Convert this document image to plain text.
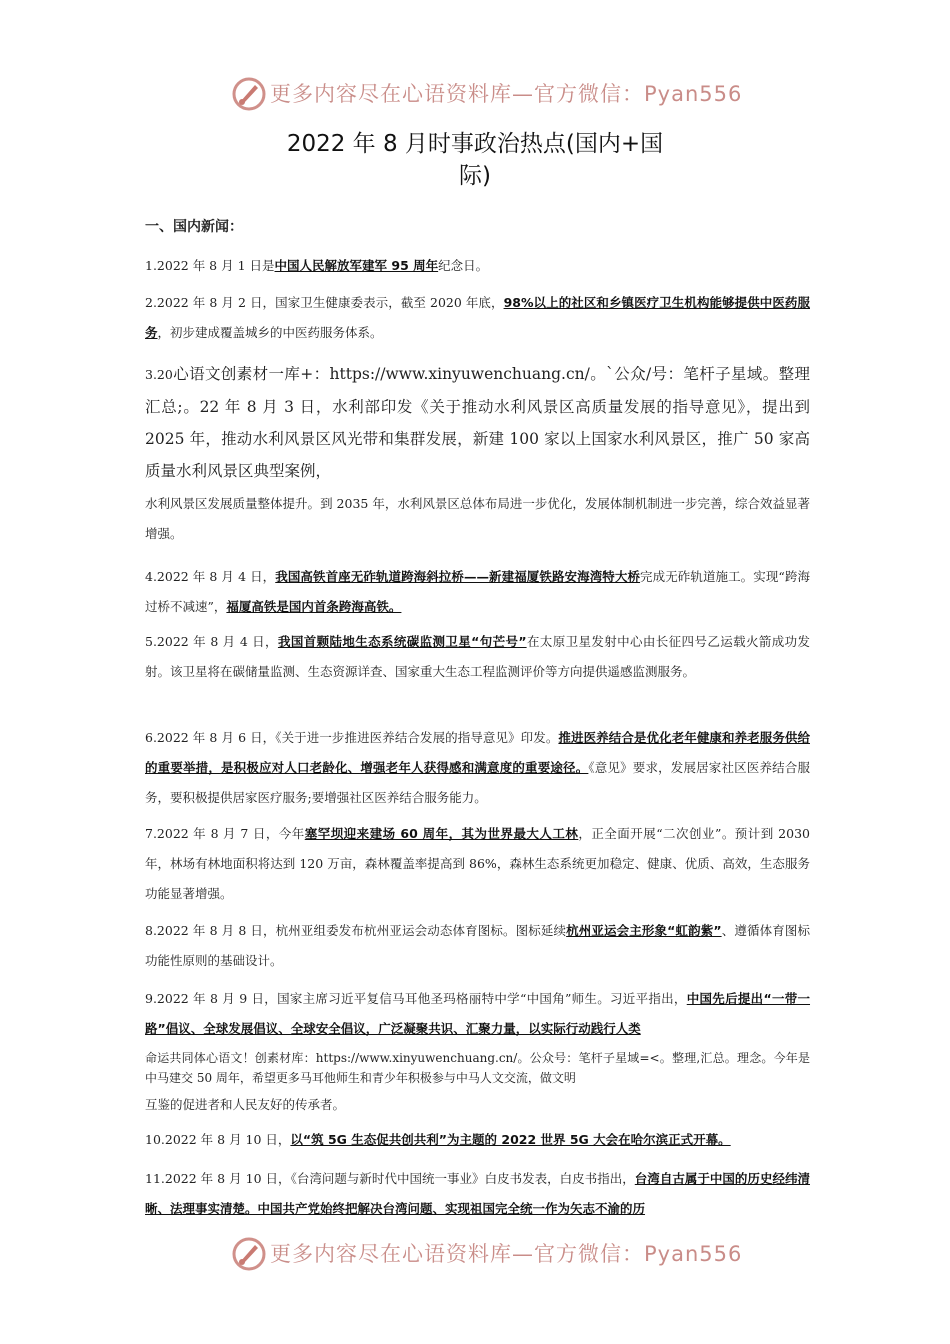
更多内容尽在心语资料库—官方微信：Pyan556
2022 年 8 月时事政治热点(国内+国
际)
一、国内新闻：

1.2022 年 8 月 1 日是中国人民解放军建军 95 周年纪念日。

2.2022 年 8 月 2 日，国家卫生健康委表示，截至 2020 年底，98%以上的社区和乡镇医疗卫生机构能够提供中医药服务，初步建成覆盖城乡的中医药服务体系。

3.20心语文创素材一库+：https://www.xinyuwenchuang.cn/。`公众/号：笔杆子星域。整理汇总;。22 年 8 月 3 日，水利部印发《关于推动水利风景区高质量发展的指导意见》，提出到 2025 年，推动水利风景区风光带和集群发展，新建 100 家以上国家水利风景区，推广 50 家高质量水利风景区典型案例，
水利风景区发展质量整体提升。到 2035 年，水利风景区总体布局进一步优化，发展体制机制进一步完善，综合效益显著增强。

4.2022 年 8 月 4 日，我国高铁首座无砟轨道跨海斜拉桥——新建福厦铁路安海湾特大桥完成无砟轨道施工。实现“跨海过桥不减速”，福厦高铁是国内首条跨海高铁。

5.2022 年 8 月 4 日，我国首颗陆地生态系统碳监测卫星“句芒号”在太原卫星发射中心由长征四号乙运载火箭成功发射。该卫星将在碳储量监测、生态资源详查、国家重大生态工程监测评价等方向提供遥感监测服务。

6.2022 年 8 月 6 日，《关于进一步推进医养结合发展的指导意见》印发。推进医养结合是优化老年健康和养老服务供给的重要举措，是积极应对人口老龄化、增强老年人获得感和满意度的重要途径。《意见》要求，发展居家社区医养结合服务，要积极提供居家医疗服务;要增强社区医养结合服务能力。

7.2022 年 8 月 7 日，今年塞罕坝迎来建场 60 周年，其为世界最大人工林，正全面开展“二次创业”。预计到 2030 年，林场有林地面积将达到 120 万亩，森林覆盖率提高到 86%，森林生态系统更加稳定、健康、优质、高效，生态服务功能显著增强。

8.2022 年 8 月 8 日，杭州亚组委发布杭州亚运会动态体育图标。图标延续杭州亚运会主形象“虹韵紫”、遵循体育图标功能性原则的基础设计。

9.2022 年 8 月 9 日，国家主席习近平复信马耳他圣玛格丽特中学“中国角”师生。习近平指出，中国先后提出“一带一路”倡议、全球发展倡议、全球安全倡议，广泛凝聚共识、汇聚力量，以实际行动践行人类
命运共同体心语文！创素材库：https://www.xinyuwenchuang.cn/。公众号：笔杆子星域=<。整理,汇总。理念。今年是中马建交 50 周年，希望更多马耳他师生和青少年积极参与中马人文交流，做文明
互鉴的促进者和人民友好的传承者。

10.2022 年 8 月 10 日，以“筑 5G 生态促共创共利”为主题的 2022 世界 5G 大会在哈尔滨正式开幕。

11.2022 年 8 月 10 日，《台湾问题与新时代中国统一事业》白皮书发表，白皮书指出，台湾自古属于中国的历史经纬清晰、法理事实清楚。中国共产党始终把解决台湾问题、实现祖国完全统一作为矢志不渝的历

更多内容尽在心语资料库—官方微信：Pyan556
